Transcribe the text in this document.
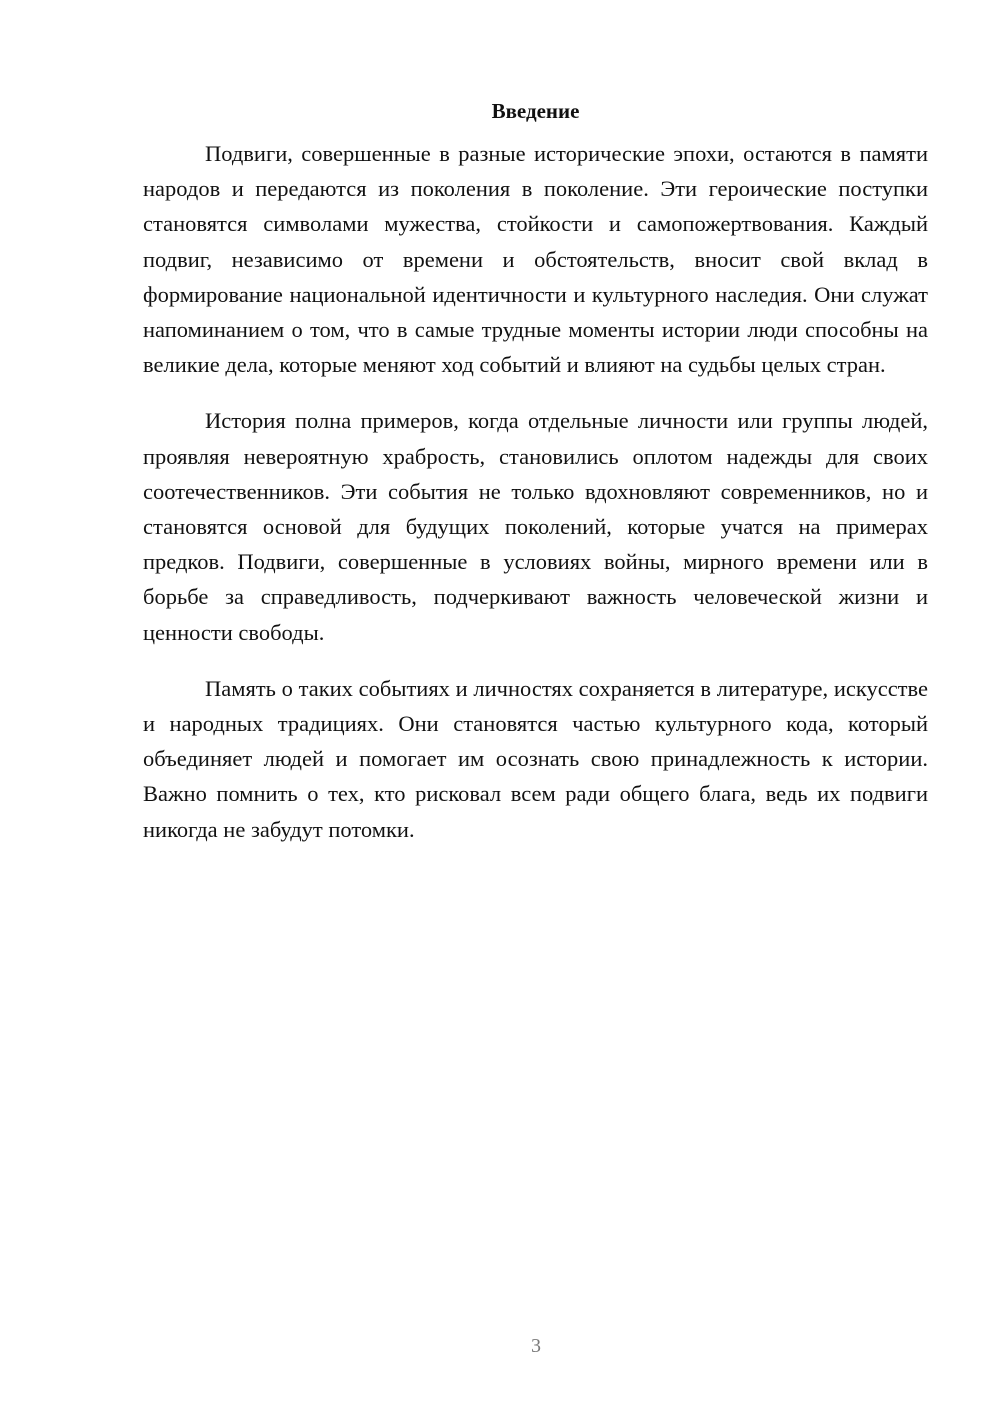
Введение

Подвиги, совершенные в разные исторические эпохи, остаются в памяти народов и передаются из поколения в поколение. Эти героические поступки становятся символами мужества, стойкости и самопожертвования. Каждый подвиг, независимо от времени и обстоятельств, вносит свой вклад в формирование национальной идентичности и культурного наследия. Они служат напоминанием о том, что в самые трудные моменты истории люди способны на великие дела, которые меняют ход событий и влияют на судьбы целых стран.

История полна примеров, когда отдельные личности или группы людей, проявляя невероятную храбрость, становились оплотом надежды для своих соотечественников. Эти события не только вдохновляют современников, но и становятся основой для будущих поколений, которые учатся на примерах предков. Подвиги, совершенные в условиях войны, мирного времени или в борьбе за справедливость, подчеркивают важность человеческой жизни и ценности свободы.

Память о таких событиях и личностях сохраняется в литературе, искусстве и народных традициях. Они становятся частью культурного кода, который объединяет людей и помогает им осознать свою принадлежность к истории. Важно помнить о тех, кто рисковал всем ради общего блага, ведь их подвиги никогда не забудут потомки.

3
